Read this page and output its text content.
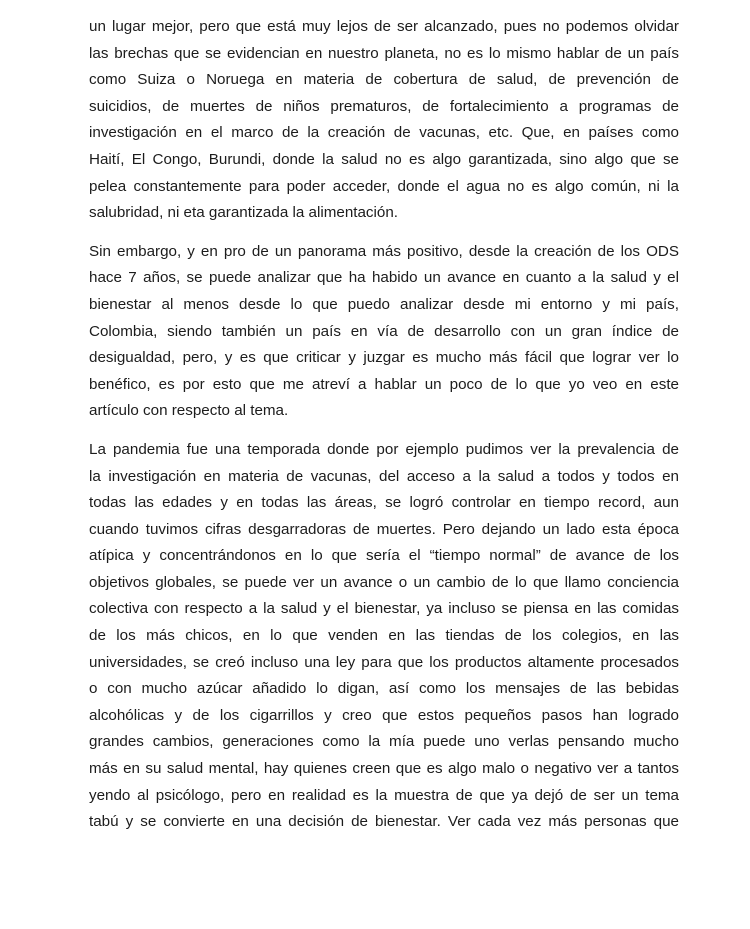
un lugar mejor, pero que está muy lejos de ser alcanzado, pues no podemos olvidar
las brechas que se evidencian en nuestro planeta, no es lo mismo hablar de un país
como Suiza o Noruega en materia de cobertura de salud, de prevención de
suicidios, de muertes de niños prematuros, de fortalecimiento a programas de
investigación en el marco de la creación de vacunas, etc. Que, en países como
Haití, El Congo, Burundi, donde la salud no es algo garantizada, sino algo que se
pelea constantemente para poder acceder, donde el agua no es algo común, ni la
salubridad, ni eta garantizada la alimentación.
Sin embargo, y en pro de un panorama más positivo, desde la creación de los ODS
hace 7 años, se puede analizar que ha habido un avance en cuanto a la salud y el
bienestar al menos desde lo que puedo analizar desde mi entorno y mi país,
Colombia, siendo también un país en vía de desarrollo con un gran índice de
desigualdad, pero, y es que criticar y juzgar es mucho más fácil que lograr ver lo
benéfico, es por esto que me atreví a hablar un poco de lo que yo veo en este
artículo con respecto al tema.
La pandemia fue una temporada donde por ejemplo pudimos ver la prevalencia de
la investigación en materia de vacunas, del acceso a la salud a todos y todos en
todas las edades y en todas las áreas, se logró controlar en tiempo record, aun
cuando tuvimos cifras desgarradoras de muertes. Pero dejando un lado esta época
atípica y concentrándonos en lo que sería el “tiempo normal” de avance de los
objetivos globales, se puede ver un avance o un cambio de lo que llamo conciencia
colectiva con respecto a la salud y el bienestar, ya incluso se piensa en las comidas
de los más chicos, en lo que venden en las tiendas de los colegios, en las
universidades, se creó incluso una ley para que los productos altamente procesados
o con mucho azúcar añadido lo digan, así como los mensajes de las bebidas
alcohólicas y de los cigarrillos y creo que estos pequeños pasos han logrado
grandes cambios, generaciones como la mía puede uno verlas pensando mucho
más en su salud mental, hay quienes creen que es algo malo o negativo ver a tantos
yendo al psicólogo, pero en realidad es la muestra de que ya dejó de ser un tema
tabú y se convierte en una decisión de bienestar. Ver cada vez más personas que
